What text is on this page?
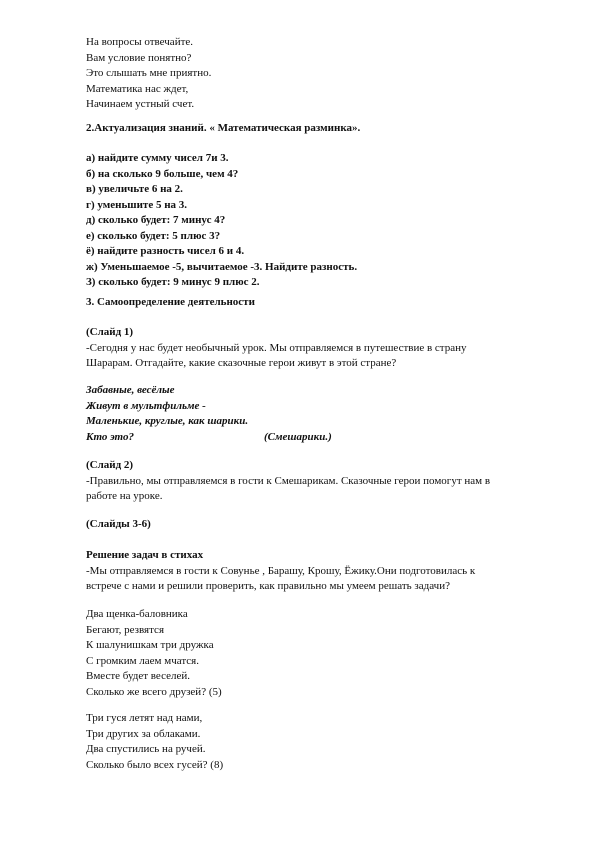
На вопросы отвечайте.
Вам условие понятно?
Это слышать мне приятно.
Математика нас ждет,
Начинаем устный счет.
2.Актуализация знаний. « Математическая разминка».
а) найдите сумму чисел 7и 3.
б) на сколько 9 больше, чем 4?
в) увеличьте 6 на 2.
г) уменьшите 5 на 3.
д) сколько будет: 7 минус 4?
е) сколько будет: 5 плюс 3?
ё) найдите разность чисел 6 и 4.
ж) Уменьшаемое -5, вычитаемое -3. Найдите разность.
З) сколько будет: 9 минус 9 плюс 2.
3. Самоопределение деятельности
(Слайд 1)
-Сегодня у нас будет необычный урок. Мы отправляемся в путешествие в страну
Шарарам. Отгадайте, какие сказочные герои живут в этой стране?
Забавные, весёлые
Живут в мультфильме -
Маленькие, круглые, как шарики.
Кто это?	(Смешарики.)
(Слайд 2)
-Правильно, мы отправляемся в гости к Смешарикам. Сказочные герои помогут нам в
работе на уроке.
(Слайды 3-6)
Решение задач в стихах
-Мы отправляемся в гости к Совунье , Барашу, Крошу, Ёжику.Они подготовилась к
встрече с нами и решили проверить, как правильно мы умеем решать задачи?
Два щенка-баловника
Бегают, резвятся
К шалунишкам три дружка
С громким лаем мчатся.
Вместе будет веселей.
Сколько же всего друзей? (5)
Три гуся летят над нами,
Три других за облаками.
Два спустились на ручей.
Сколько было всех гусей? (8)
